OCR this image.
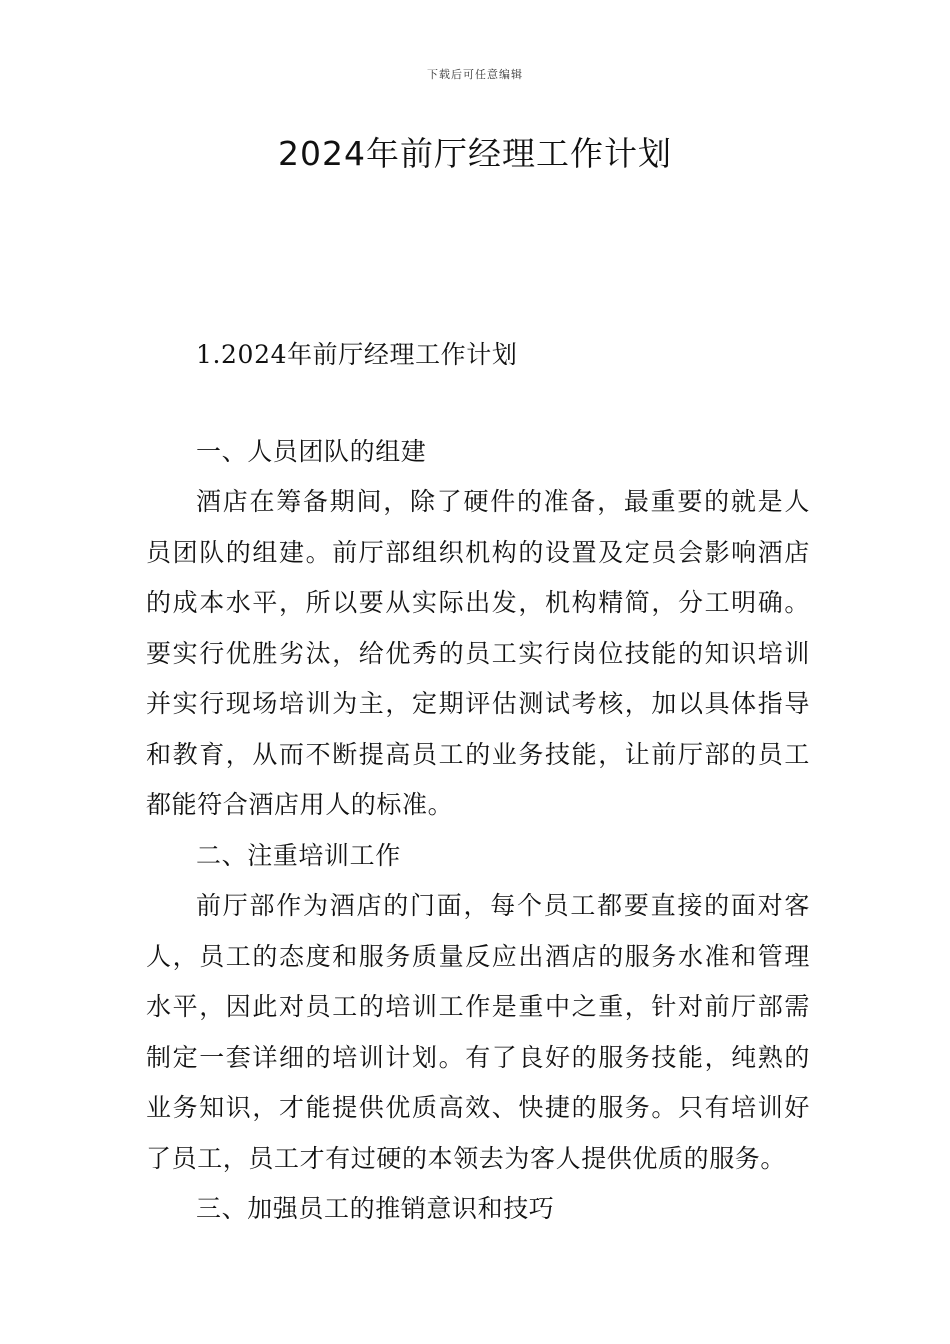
下载后可任意编辑
2024年前厅经理工作计划

1.2024年前厅经理工作计划

一、人员团队的组建

酒店在筹备期间，除了硬件的准备，最重要的就是人员团队的组建。前厅部组织机构的设置及定员会影响酒店的成本水平，所以要从实际出发，机构精简，分工明确。要实行优胜劣汰，给优秀的员工实行岗位技能的知识培训并实行现场培训为主，定期评估测试考核，加以具体指导和教育，从而不断提高员工的业务技能，让前厅部的员工都能符合酒店用人的标准。

二、注重培训工作

前厅部作为酒店的门面，每个员工都要直接的面对客人，员工的态度和服务质量反应出酒店的服务水准和管理水平，因此对员工的培训工作是重中之重，针对前厅部需制定一套详细的培训计划。有了良好的服务技能，纯熟的业务知识，才能提供优质高效、快捷的服务。只有培训好了员工，员工才有过硬的本领去为客人提供优质的服务。

三、加强员工的推销意识和技巧
